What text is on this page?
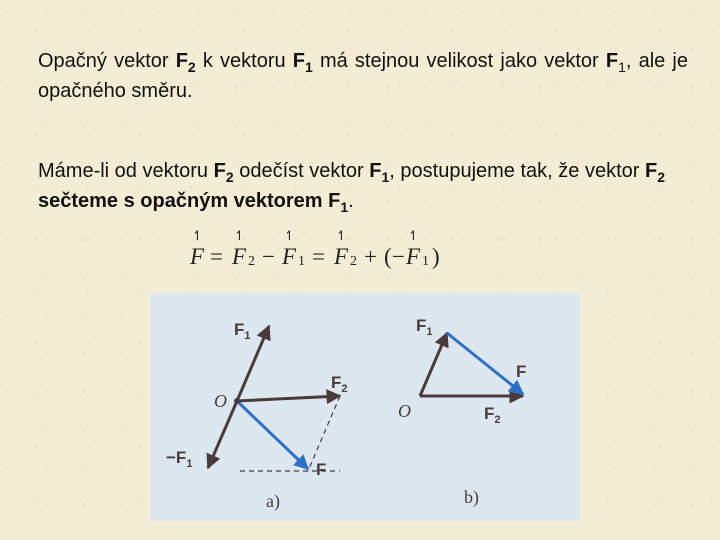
Opačný vektor $F_2$ k vektoru $F_1$ má stejnou velikost jako vektor $F_1$, ale je opačného směru.
Máme-li od vektoru $F_2$ odečíst vektor $F_1$, postupujeme tak, že vektor $F_2$ sečteme s opačným vektorem $F_1$.
↿ F = ↿ F 2 − ↿ F 1 = ↿ F 2 + ( − ↿ F 1 )
$F_1$
O
$F_2$
$-F_1$	F
a)
$F_1$
O
F
$F_2$
b)
